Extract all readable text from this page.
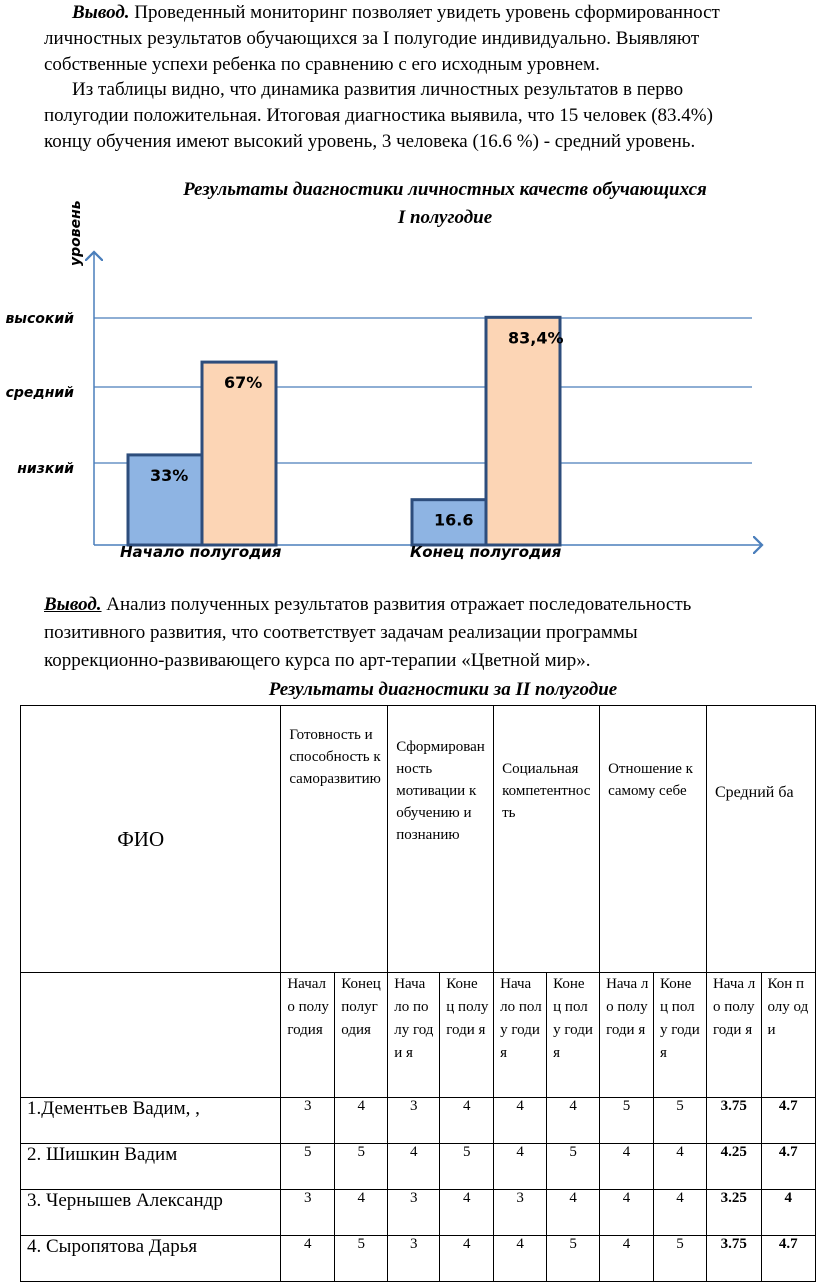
Вывод. Проведенный мониторинг позволяет увидеть уровень сформированност
личностных результатов обучающихся за I полугодие индивидуально. Выявляют
собственные успехи ребенка по сравнению с его исходным уровнем.
Из таблицы видно, что динамика развития личностных результатов в перво
полугодии положительная. Итоговая диагностика выявила, что 15 человек (83.4%)
концу обучения имеют высокий уровень, 3 человека (16.6 %) - средний уровень.
Результаты диагностики личностных качеств обучающихся
I полугодие
уровень
низкий
средний
высокий
33%
16.6
67%
83,4%
Начало полугодия	Конец полугодия
Вывод. Анализ полученных результатов развития отражает последовательность
позитивного развития, что соответствует задачам реализации программы
коррекционно-развивающего курса по арт-терапии «Цветной мир».
Результаты диагностики за II полугодие
ФИО	Готовность и способность к саморазвитию		Сформированность мотивации к обучению и познанию		Социальная компетентность		Отношение к самому себе		Средний ба	
	Начало полугодия	Конец полугодия	Нача ло полу годи я	Коне ц полу годи я	Нача ло полу годи я	Коне ц полу годи я	Нача ло полу годи я	Коне ц полу годи я	Нача ло полу годи я	Кон полу оди
1.Дементьев Вадим, ,	3	4	3	4	4	4	5	5	3.75	4.7
2. Шишкин Вадим	5	5	4	5	4	5	4	4	4.25	4.7
3. Чернышев Александр	3	4	3	4	3	4	4	4	3.25	4
4. Сыропятова Дарья	4	5	3	4	4	5	4	5	3.75	4.7
